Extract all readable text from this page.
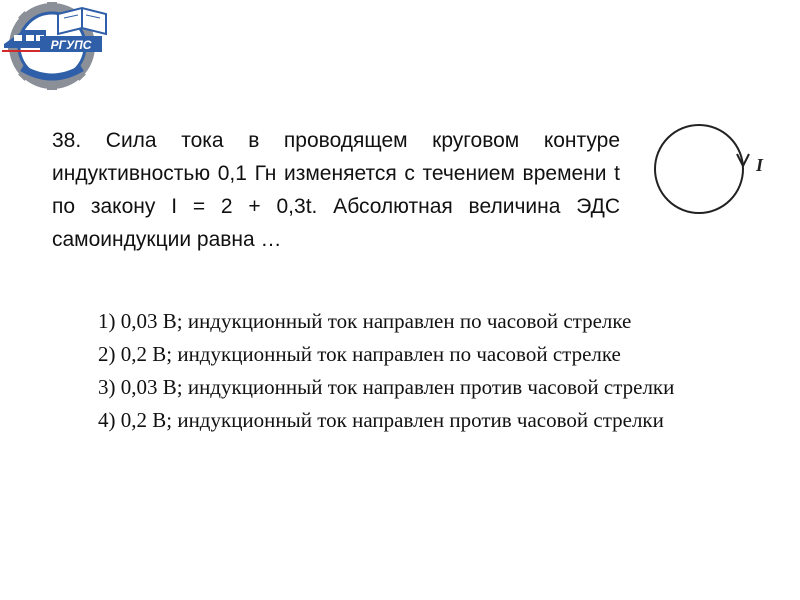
РГУПС

38. Сила тока в проводящем круговом контуре индуктивностью 0,1 Гн изменяется с течением времени t по закону I = 2 + 0,3t. Абсолютная величина ЭДС самоиндукции равна …

I
1) 0,03 В; индукционный ток направлен по часовой стрелке
2) 0,2 В; индукционный ток направлен по часовой стрелке
3) 0,03 В; индукционный ток направлен против часовой стрелки
4) 0,2 В; индукционный ток направлен против часовой стрелки
